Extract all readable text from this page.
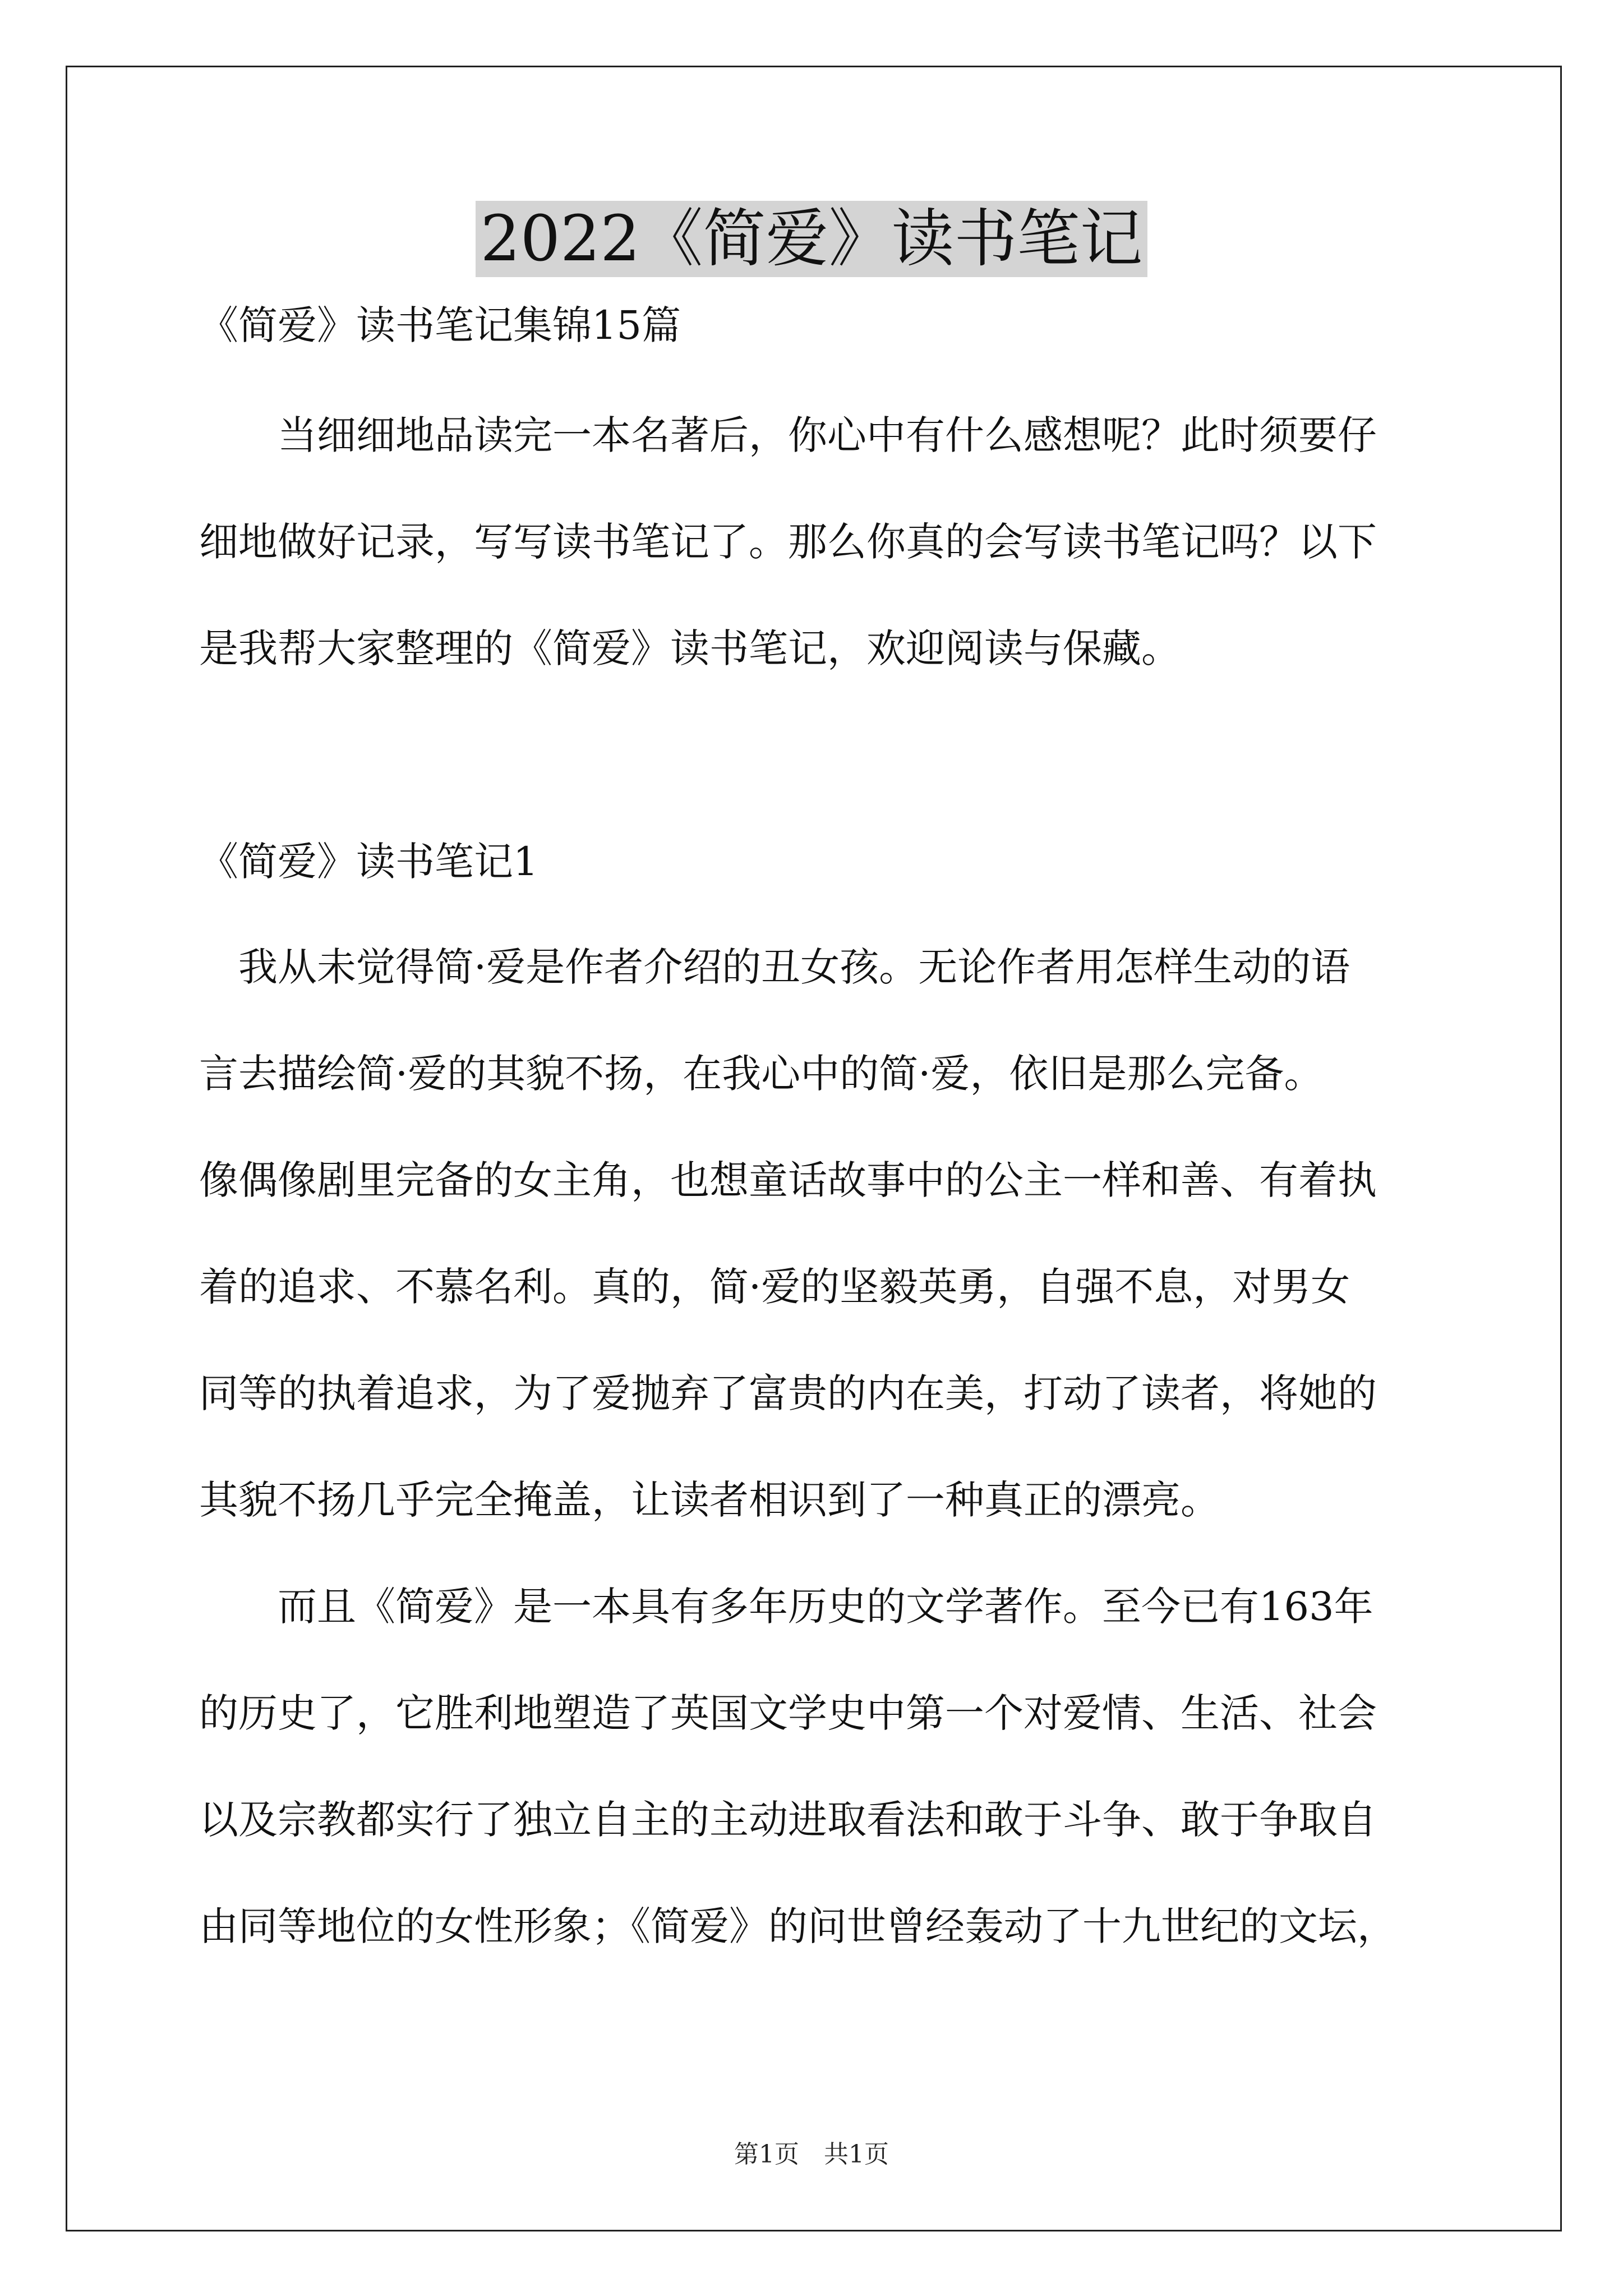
2022《简爱》读书笔记

《简爱》读书笔记集锦15篇

　　当细细地品读完一本名著后，你心中有什么感想呢？此时须要仔

细地做好记录，写写读书笔记了。那么你真的会写读书笔记吗？以下

是我帮大家整理的《简爱》读书笔记，欢迎阅读与保藏。

《简爱》读书笔记1

　我从未觉得简·爱是作者介绍的丑女孩。无论作者用怎样生动的语

言去描绘简·爱的其貌不扬，在我心中的简·爱，依旧是那么完备。

像偶像剧里完备的女主角，也想童话故事中的公主一样和善、有着执

着的追求、不慕名利。真的，简·爱的坚毅英勇，自强不息，对男女

同等的执着追求，为了爱抛弃了富贵的内在美，打动了读者，将她的

其貌不扬几乎完全掩盖，让读者相识到了一种真正的漂亮。

　　而且《简爱》是一本具有多年历史的文学著作。至今已有163年

的历史了，它胜利地塑造了英国文学史中第一个对爱情、生活、社会

以及宗教都实行了独立自主的主动进取看法和敢于斗争、敢于争取自

由同等地位的女性形象；《简爱》的问世曾经轰动了十九世纪的文坛，

第1页　共1页
